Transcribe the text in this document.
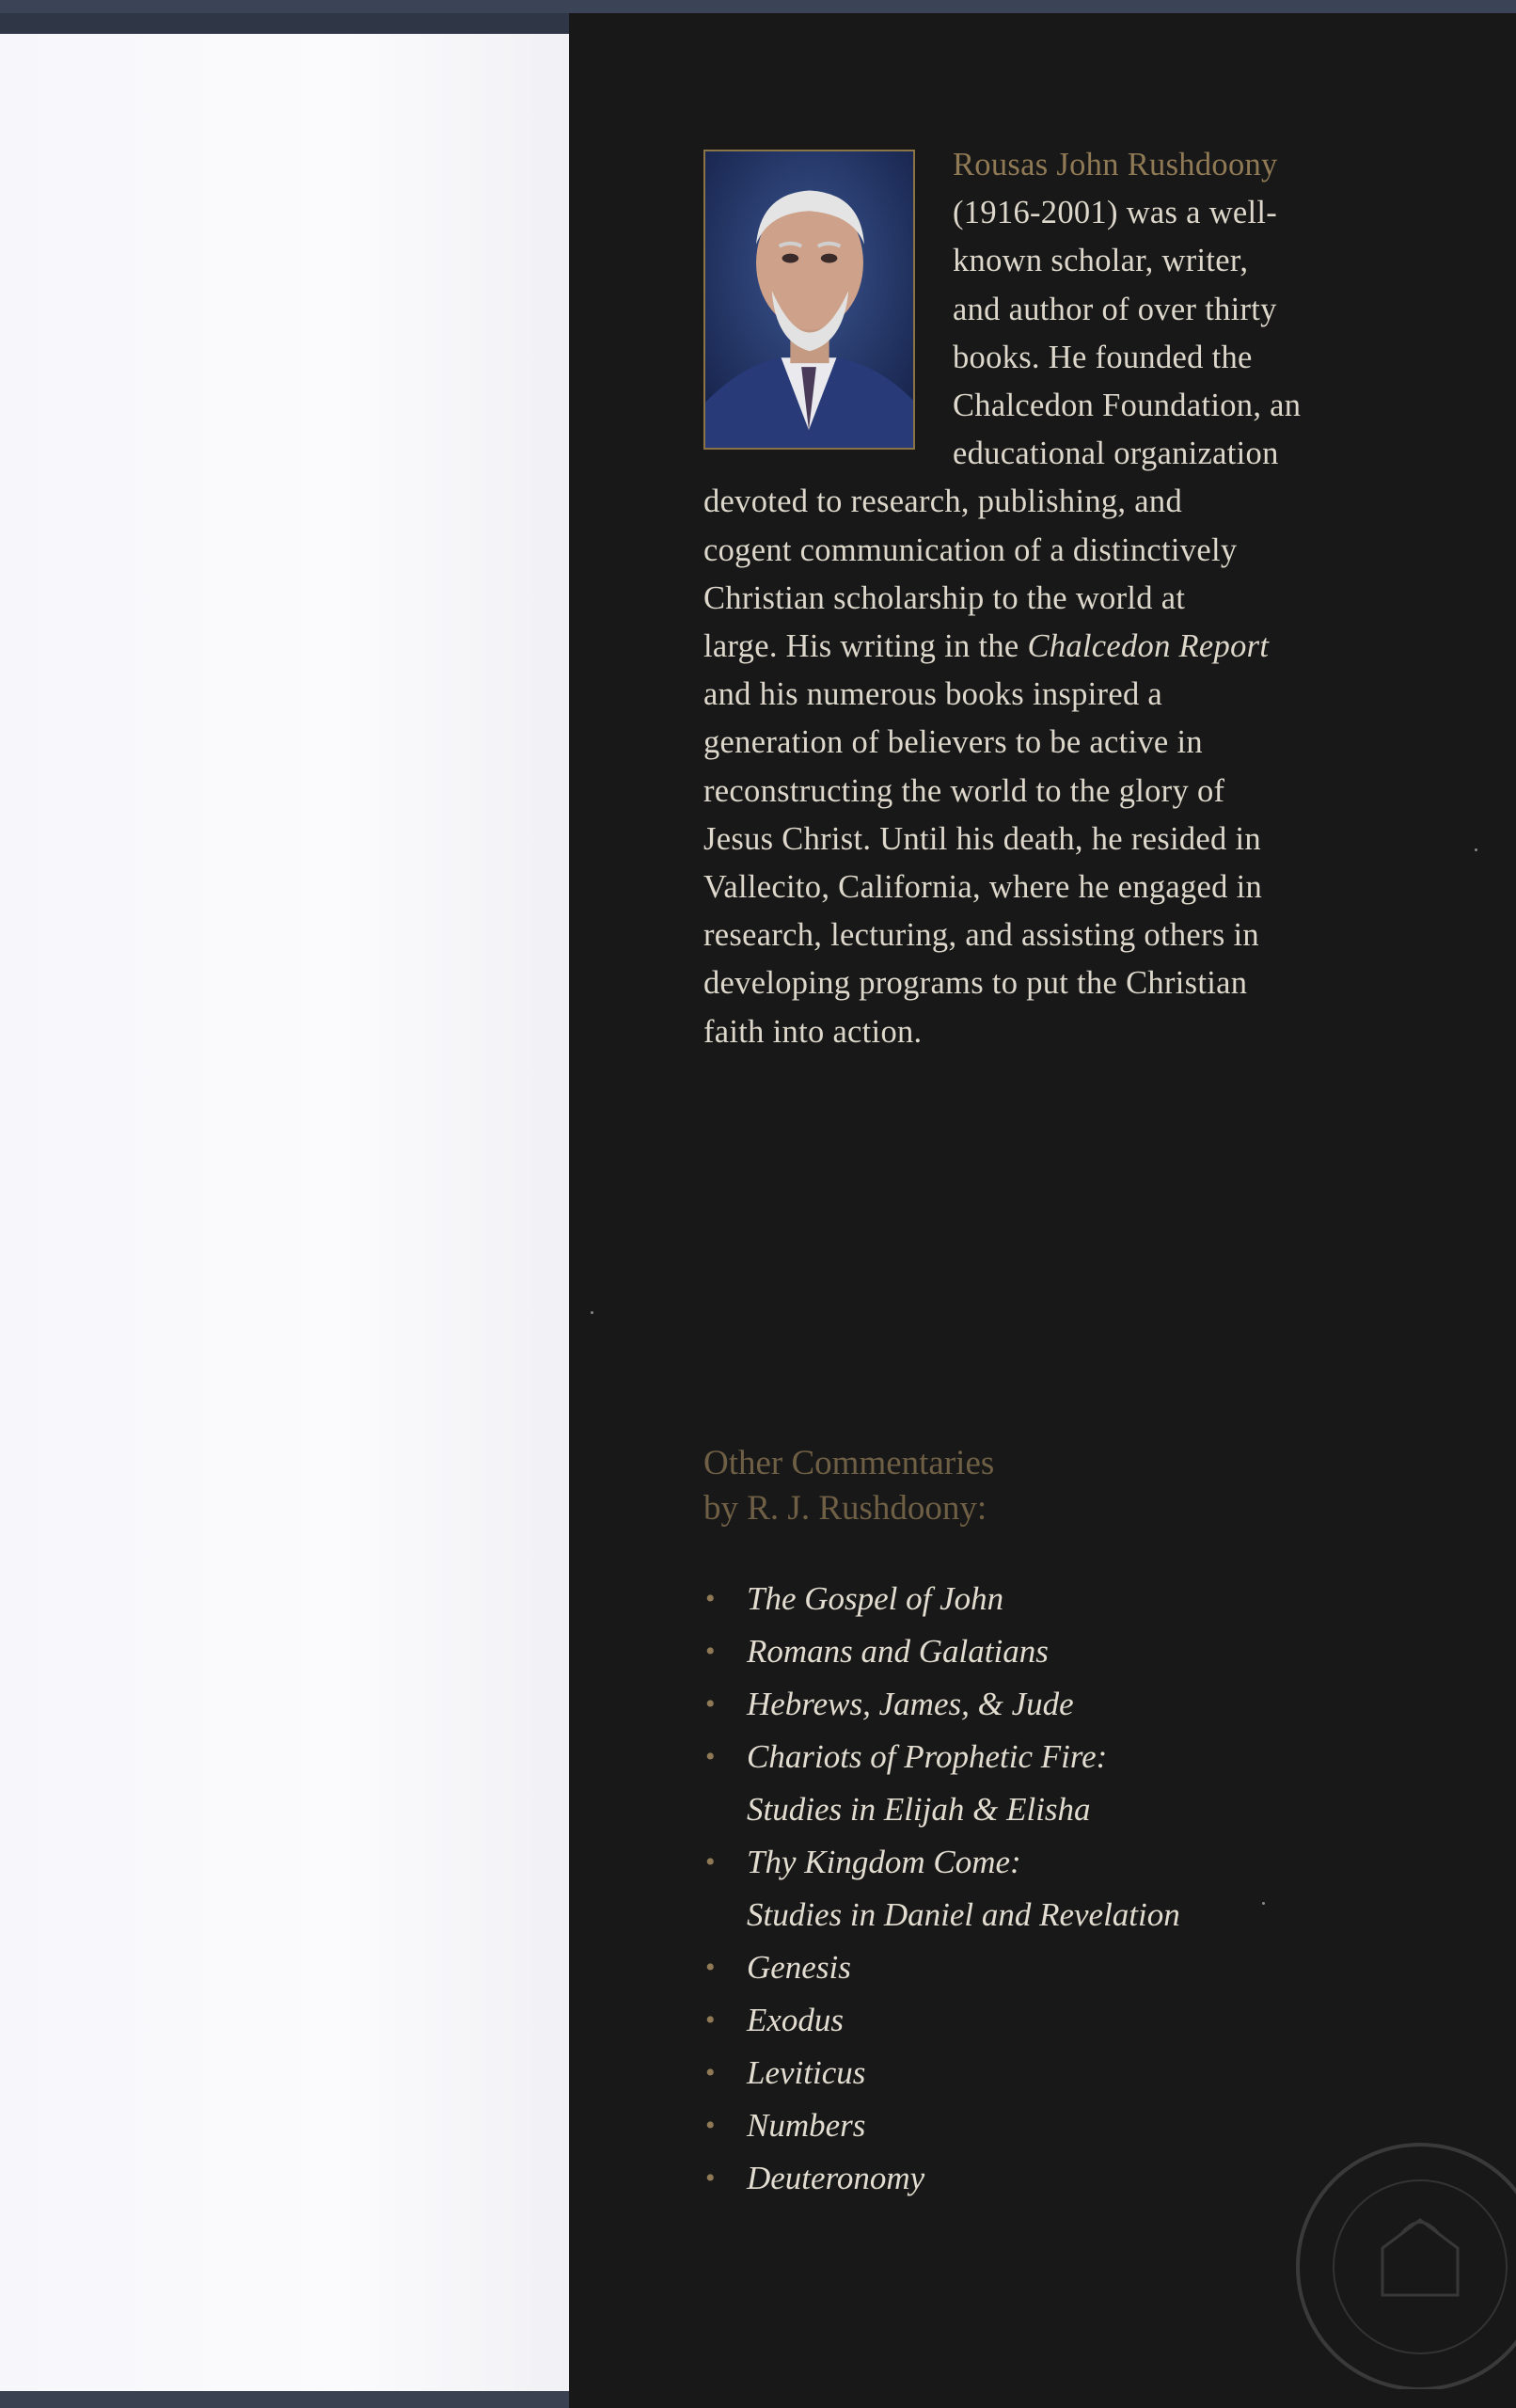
Rousas John Rushdoony
(1916-2001) was a well-
known scholar, writer,
and author of over thirty
books. He founded the
Chalcedon Foundation, an
educational organization
devoted to research, publishing, and
cogent communication of a distinctively
Christian scholarship to the world at
large. His writing in the Chalcedon Report
and his numerous books inspired a
generation of believers to be active in
reconstructing the world to the glory of
Jesus Christ. Until his death, he resided in
Vallecito, California, where he engaged in
research, lecturing, and assisting others in
developing programs to put the Christian
faith into action.
Other Commentaries
by R. J. Rushdoony:
• The Gospel of John
• Romans and Galatians
• Hebrews, James, & Jude
• Chariots of Prophetic Fire:
Studies in Elijah & Elisha
• Thy Kingdom Come:
Studies in Daniel and Revelation
• Genesis
• Exodus
• Leviticus
• Numbers
• Deuteronomy
